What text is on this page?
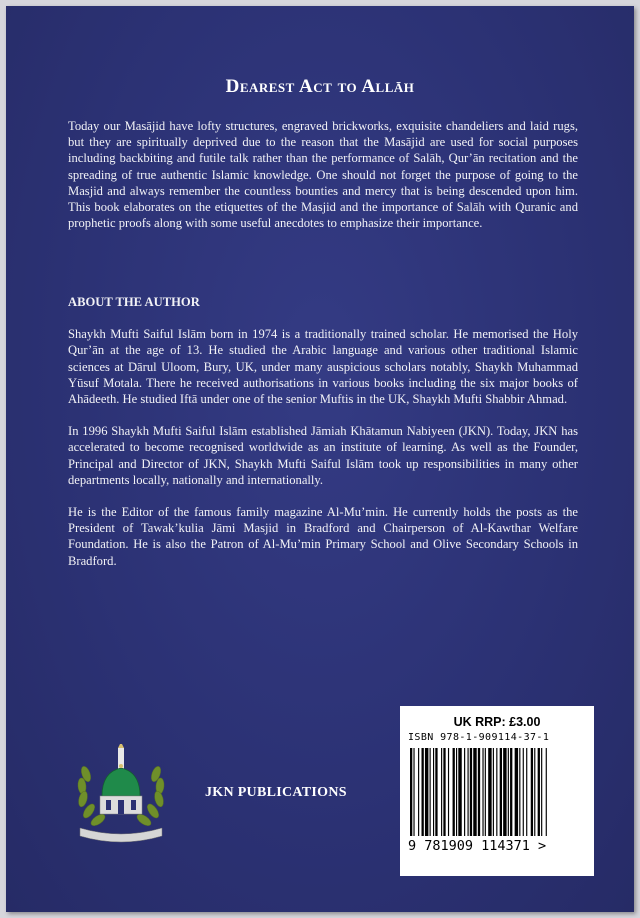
Dearest Act to Allāh

Today our Masājid have lofty structures, engraved brickworks, exquisite chandeliers and laid rugs, but they are spiritually deprived due to the reason that the Masājid are used for social purposes including backbiting and futile talk rather than the performance of Salāh, Qur’ān recitation and the spreading of true authentic Islamic knowledge. One should not forget the purpose of going to the Masjid and always remember the countless bounties and mercy that is being descended upon him. This book elaborates on the etiquettes of the Masjid and the importance of Salāh with Quranic and prophetic proofs along with some useful anecdotes to emphasize their importance.

ABOUT THE AUTHOR

Shaykh Mufti Saiful Islām born in 1974 is a traditionally trained scholar. He memorised the Holy Qur’ān at the age of 13. He studied the Arabic language and various other traditional Islamic sciences at Dārul Uloom, Bury, UK, under many auspicious scholars notably, Shaykh Muhammad Yūsuf Motala. There he received authorisations in various books including the six major books of Ahādeeth. He studied Iftā under one of the senior Muftis in the UK, Shaykh Mufti Shabbir Ahmad.

In 1996 Shaykh Mufti Saiful Islām established Jāmiah Khātamun Nabiyeen (JKN). Today, JKN has accelerated to become recognised worldwide as an institute of learning. As well as the Founder, Principal and Director of JKN, Shaykh Mufti Saiful Islām took up responsibilities in many other departments locally, nationally and internationally.

He is the Editor of the famous family magazine Al-Mu’min. He currently holds the posts as the President of Tawak’kulia Jāmi Masjid in Bradford and Chairperson of Al-Kawthar Welfare Foundation. He is also the Patron of Al-Mu’min Primary School and Olive Secondary Schools in Bradford.

JKN PUBLICATIONS
UK RRP: £3.00
ISBN 978-1-909114-37-1
9 781909 114371 >
